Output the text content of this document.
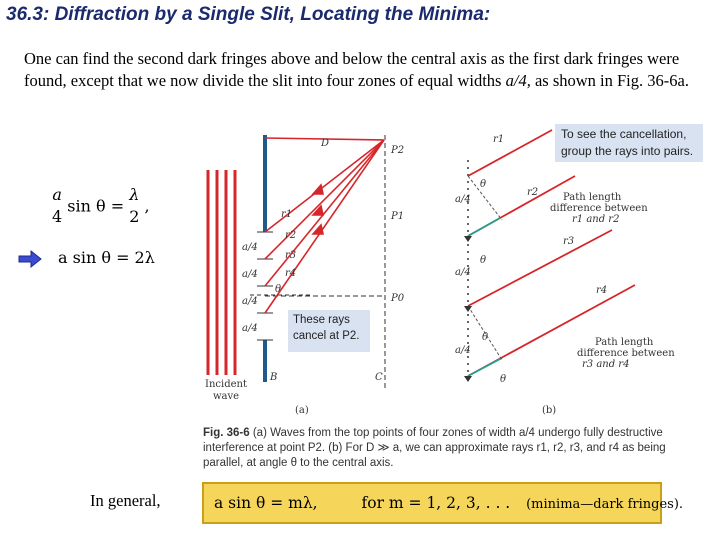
36.3: Diffraction by a Single Slit, Locating the Minima:
One can find the second dark fringes above and below the central axis as the first dark fringes were found, except that we now divide the slit into four zones of equal widths a/4, as shown in Fig. 36-6a.
a
4
sin θ =
λ
2
,
a sin θ = 2λ
D
P2
P1
P0
r1
r2
r3
r4
θ
a/4
a/4
a/4
a/4
B	C
Incident
wave
(a)
These rays
cancel at P2.
r1
r2
r3
r4
θ
θ
θ
θ
a/4
a/4
a/4
Path length
difference between
r1 and r2
Path length
difference between
r3 and r4
(b)
To see the cancellation,
group the rays into pairs.
Fig. 36-6 (a) Waves from the top points of four zones of width a/4 undergo fully destructive interference at point P2. (b) For D ≫ a, we can approximate rays r1, r2, r3, and r4 as being parallel, at angle θ to the central axis.
In general,	a sin θ = mλ,	for m = 1, 2, 3, . . . (minima—dark fringes).
